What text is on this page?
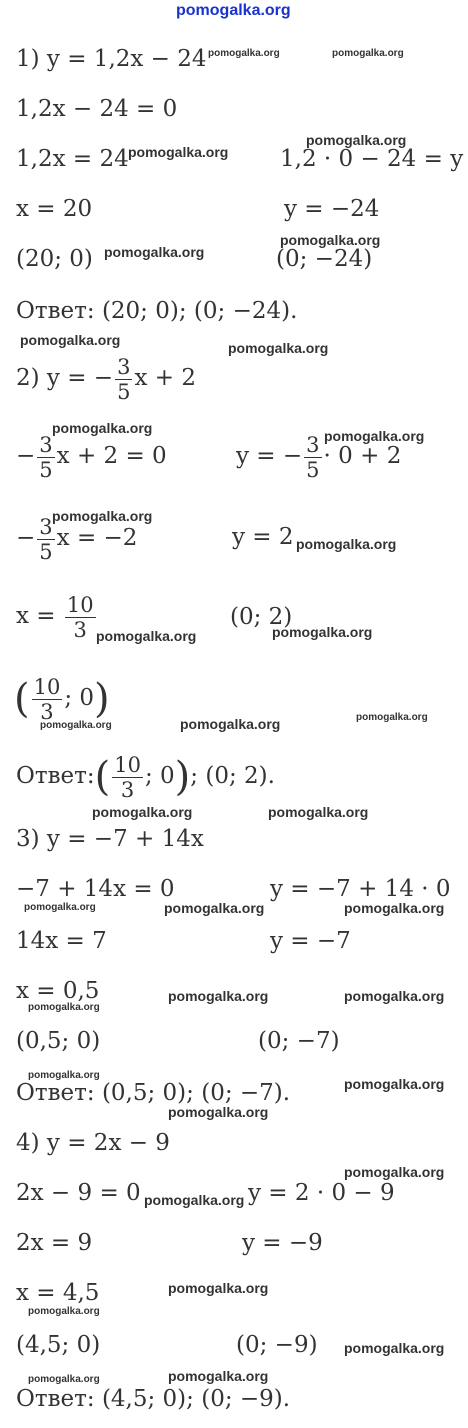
pomogalka.org
1) y = 1,2x − 24
1,2x − 24 = 0
1,2x = 24	1,2 · 0 − 24 = y
x = 20	y = −24
(20; 0)	(0; −24)
Ответ: (20; 0); (0; −24).
2) y = − $\frac{3}{5}$ x + 2
− $\frac{3}{5}$ x + 2 = 0	y = − $\frac{3}{5} \cdot 0 + 2$
− $\frac{3}{5}$ x = −2	y = 2
$x = \frac{10}{3}$	(0; 2)
( $\frac{10}{3}$ ; 0)
Ответ:( $\frac{10}{3}$ ; 0); (0; 2).
3) y = −7 + 14x
−7 + 14x = 0	y = −7 + 14 · 0
14x = 7	y = −7
x = 0,5
(0,5; 0)	(0; −7)
Ответ: (0,5; 0); (0; −7).
4) y = 2x − 9
2x − 9 = 0	y = 2 · 0 − 9
2x = 9	y = −9
x = 4,5
(4,5; 0)	(0; −9)
Ответ: (4,5; 0); (0; −9).
pomogalka.org	pomogalka.org
pomogalka.org
pomogalka.org
pomogalka.org
pomogalka.org
pomogalka.org	pomogalka.org
pomogalka.org	pomogalka.org
pomogalka.org
pomogalka.org
pomogalka.org	pomogalka.org
pomogalka.org	pomogalka.org	pomogalka.org
pomogalka.org	pomogalka.org
pomogalka.org	pomogalka.org	pomogalka.org
pomogalka.org	pomogalka.org
pomogalka.org
pomogalka.org
pomogalka.org
pomogalka.org
pomogalka.org
pomogalka.org
pomogalka.org
pomogalka.org
pomogalka.org
pomogalka.org
pomogalka.org
